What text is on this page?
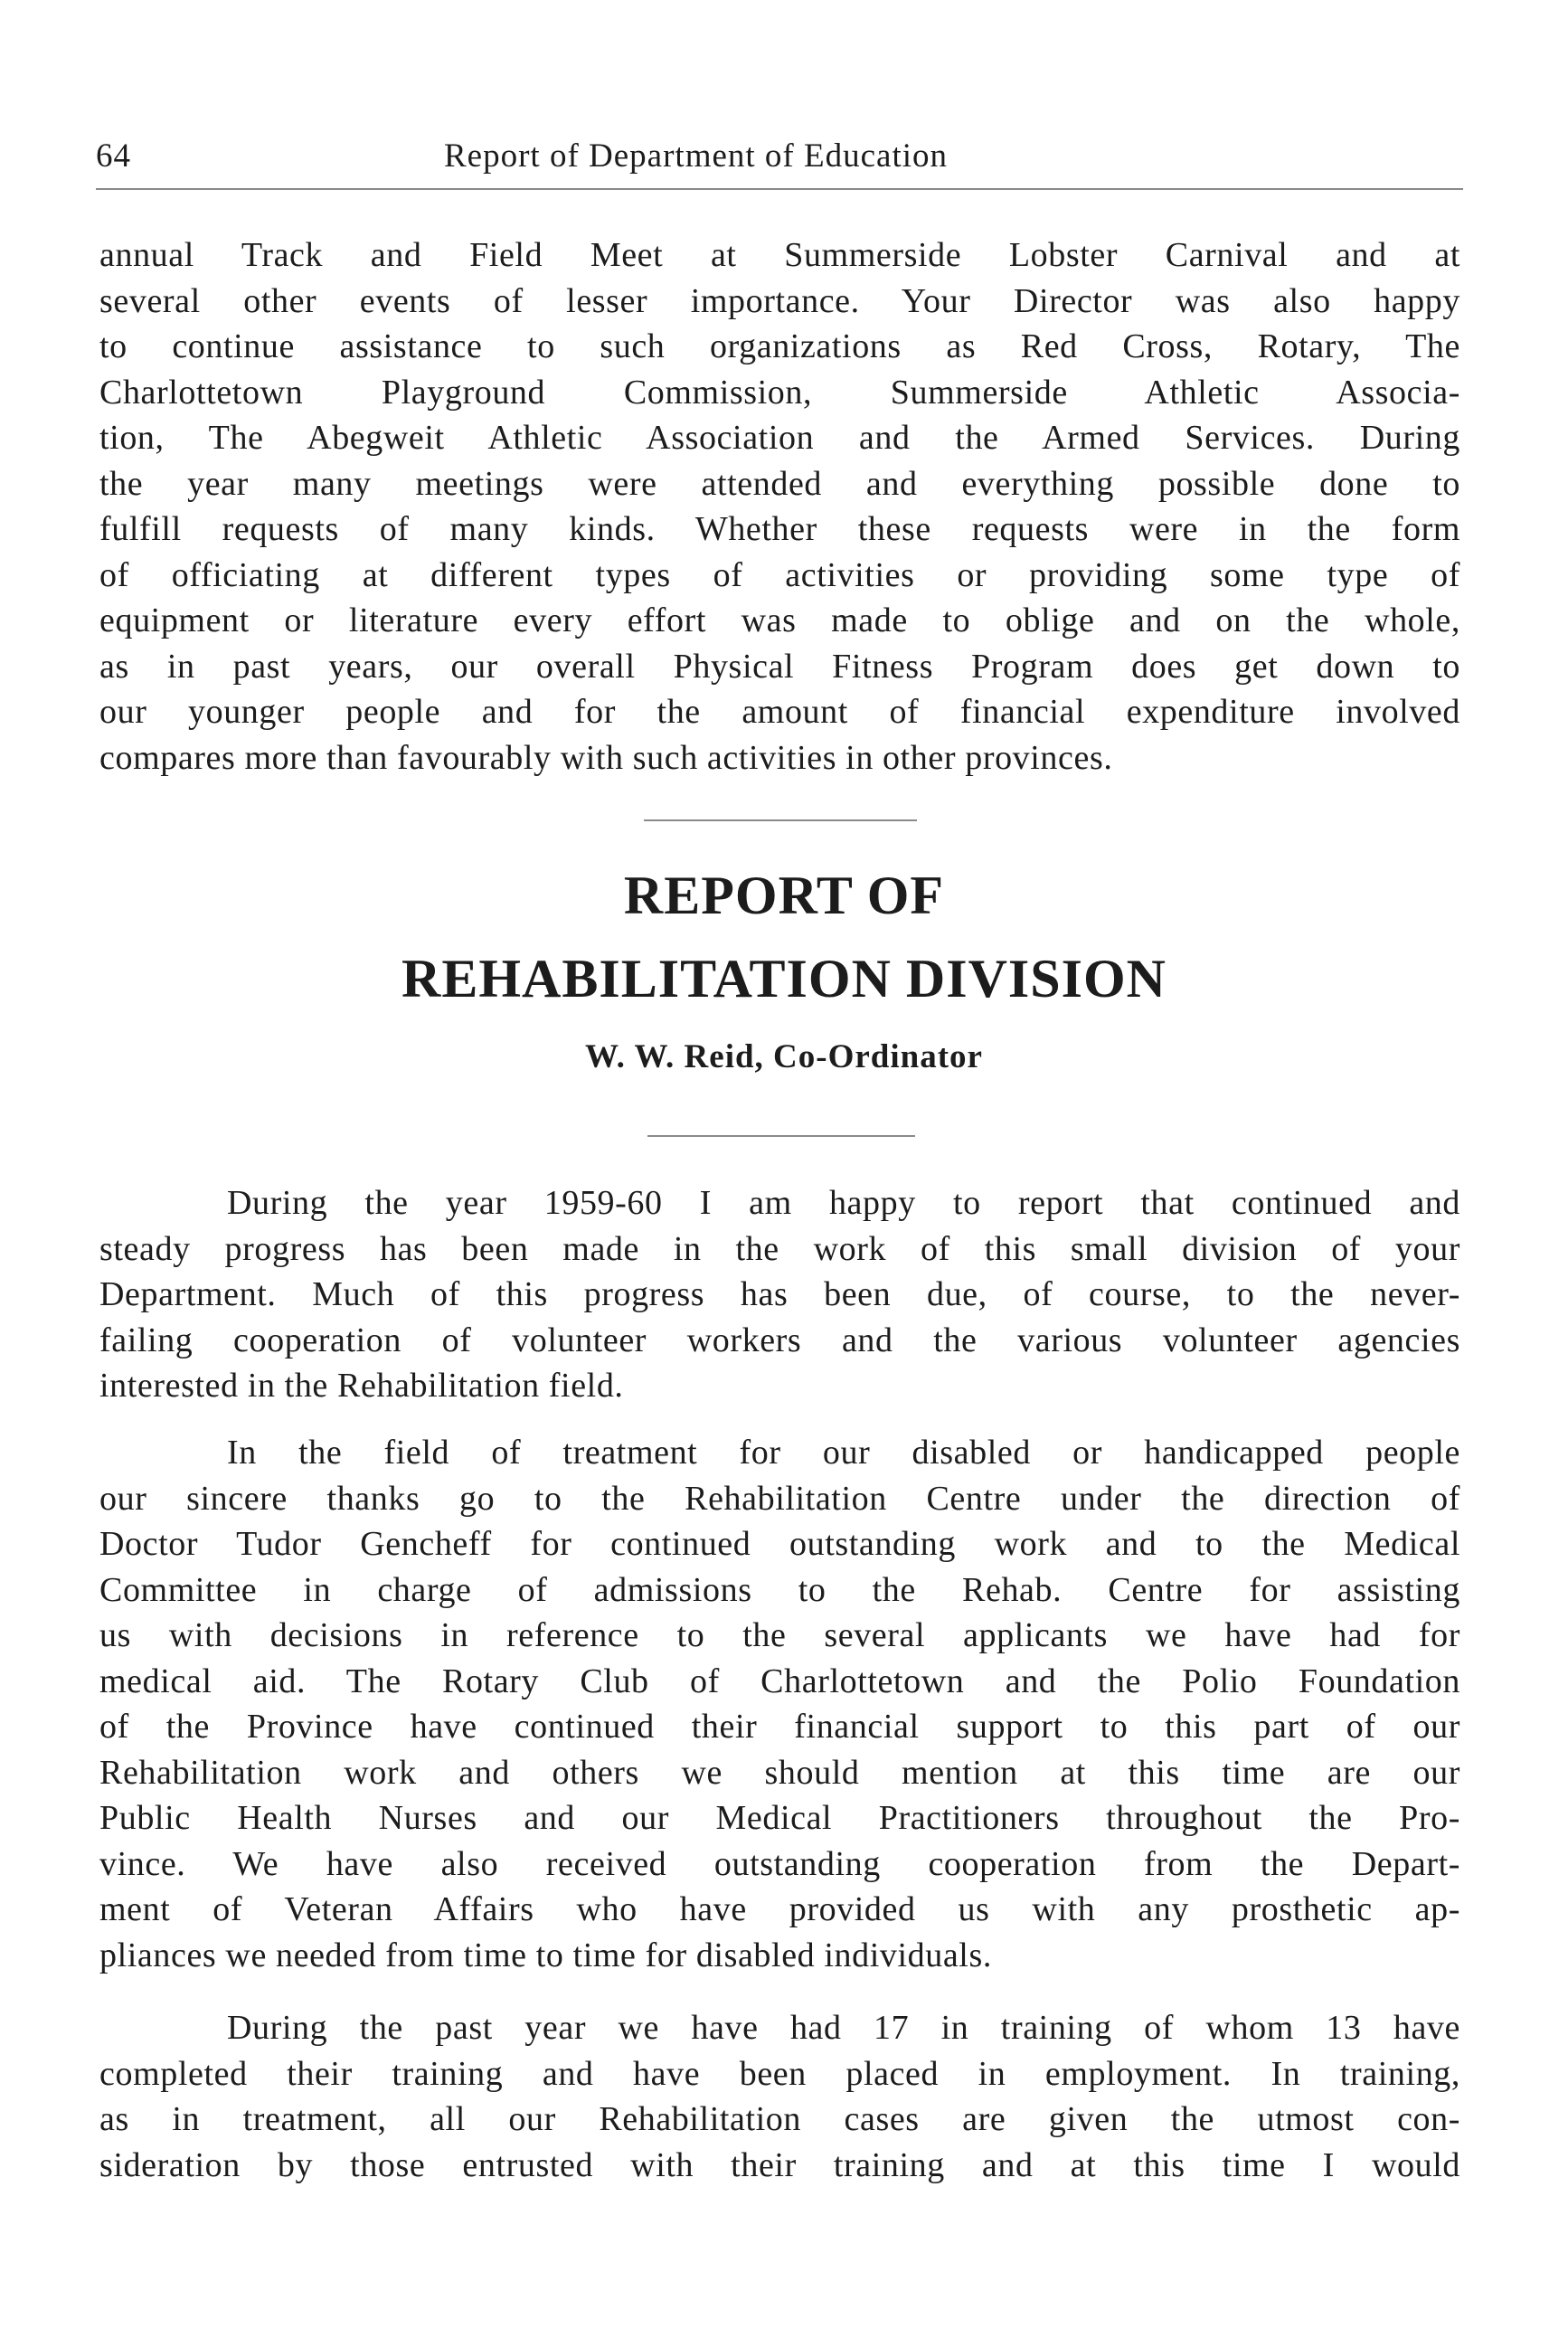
64	Report of Department of Education
annual Track and Field Meet at Summerside Lobster Carnival and at
several other events of lesser importance. Your Director was also happy
to continue assistance to such organizations as Red Cross, Rotary, The
Charlottetown Playground Commission, Summerside Athletic Associa-
tion, The Abegweit Athletic Association and the Armed Services. During
the year many meetings were attended and everything possible done to
fulfill requests of many kinds. Whether these requests were in the form
of officiating at different types of activities or providing some type of
equipment or literature every effort was made to oblige and on the whole,
as in past years, our overall Physical Fitness Program does get down to
our younger people and for the amount of financial expenditure involved
compares more than favourably with such activities in other provinces.
REPORT OF
REHABILITATION DIVISION
W. W. Reid, Co-Ordinator
During the year 1959-60 I am happy to report that continued and
steady progress has been made in the work of this small division of your
Department. Much of this progress has been due, of course, to the never-
failing cooperation of volunteer workers and the various volunteer agencies
interested in the Rehabilitation field.
In the field of treatment for our disabled or handicapped people
our sincere thanks go to the Rehabilitation Centre under the direction of
Doctor Tudor Gencheff for continued outstanding work and to the Medical
Committee in charge of admissions to the Rehab. Centre for assisting
us with decisions in reference to the several applicants we have had for
medical aid. The Rotary Club of Charlottetown and the Polio Foundation
of the Province have continued their financial support to this part of our
Rehabilitation work and others we should mention at this time are our
Public Health Nurses and our Medical Practitioners throughout the Pro-
vince. We have also received outstanding cooperation from the Depart-
ment of Veteran Affairs who have provided us with any prosthetic ap-
pliances we needed from time to time for disabled individuals.
During the past year we have had 17 in training of whom 13 have
completed their training and have been placed in employment. In training,
as in treatment, all our Rehabilitation cases are given the utmost con-
sideration by those entrusted with their training and at this time I would
